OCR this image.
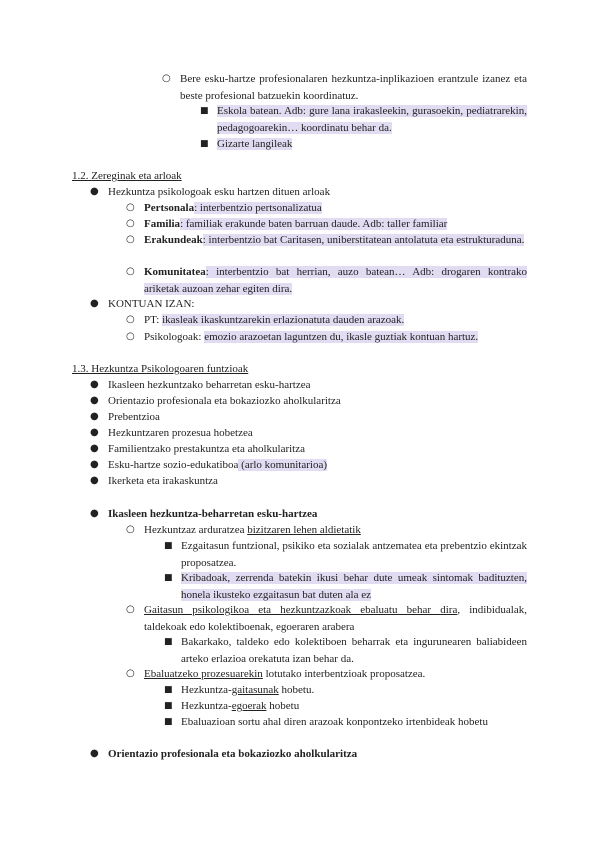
○ Bere esku-hartze profesionalaren hezkuntza-inplikazioen erantzule izanez eta beste profesional batzuekin koordinatuz.
■ Eskola batean. Adb: gure lana irakasleekin, gurasoekin, pediatrarekin, pedagogoarekin… koordinatu behar da.
■ Gizarte langileak
1.2. Zereginak eta arloak
● Hezkuntza psikologoak esku hartzen dituen arloak
○ Pertsonala: interbentzio pertsonalizatua
○ Familia: familiak erakunde baten barruan daude. Adb: taller familiar
○ Erakundeak: interbentzio bat Caritasen, uniberstitatean antolatuta eta estrukturaduna.
○ Komunitatea: interbentzio bat herrian, auzo batean… Adb: drogaren kontrako ariketak auzoan zehar egiten dira.
● KONTUAN IZAN:
○ PT: ikasleak ikaskuntzarekin erlazionatuta dauden arazoak.
○ Psikologoak: emozio arazoetan laguntzen du, ikasle guztiak kontuan hartuz.
1.3. Hezkuntza Psikologoaren funtzioak
● Ikasleen hezkuntzako beharretan esku-hartzea
● Orientazio profesionala eta bokaziozko aholkularitza
● Prebentzioa
● Hezkuntzaren prozesua hobetzea
● Familientzako prestakuntza eta aholkularitza
● Esku-hartze sozio-edukatiboa (arlo komunitarioa)
● Ikerketa eta irakaskuntza
● Ikasleen hezkuntza-beharretan esku-hartzea
○ Hezkuntzaz arduratzea bizitzaren lehen aldietatik
■ Ezgaitasun funtzional, psikiko eta sozialak antzematea eta prebentzio ekintzak proposatzea.
■ Kribadoak, zerrenda batekin ikusi behar dute umeak sintomak badituzten, honela ikusteko ezgaitasun bat duten ala ez
○ Gaitasun psikologikoa eta hezkuntzazkoak ebaluatu behar dira, indibidualak, taldekoak edo kolektiboenak, egoeraren arabera
■ Bakarkako, taldeko edo kolektiboen beharrak eta ingurunearen baliabideen arteko erlazioa orekatuta izan behar da.
○ Ebaluatzeko prozesuarekin lotutako interbentzioak proposatzea.
■ Hezkuntza-gaitasunak hobetu.
■ Hezkuntza-egoerak hobetu
■ Ebaluazioan sortu ahal diren arazoak konpontzeko irtenbideak hobetu
● Orientazio profesionala eta bokaziozko aholkularitza
